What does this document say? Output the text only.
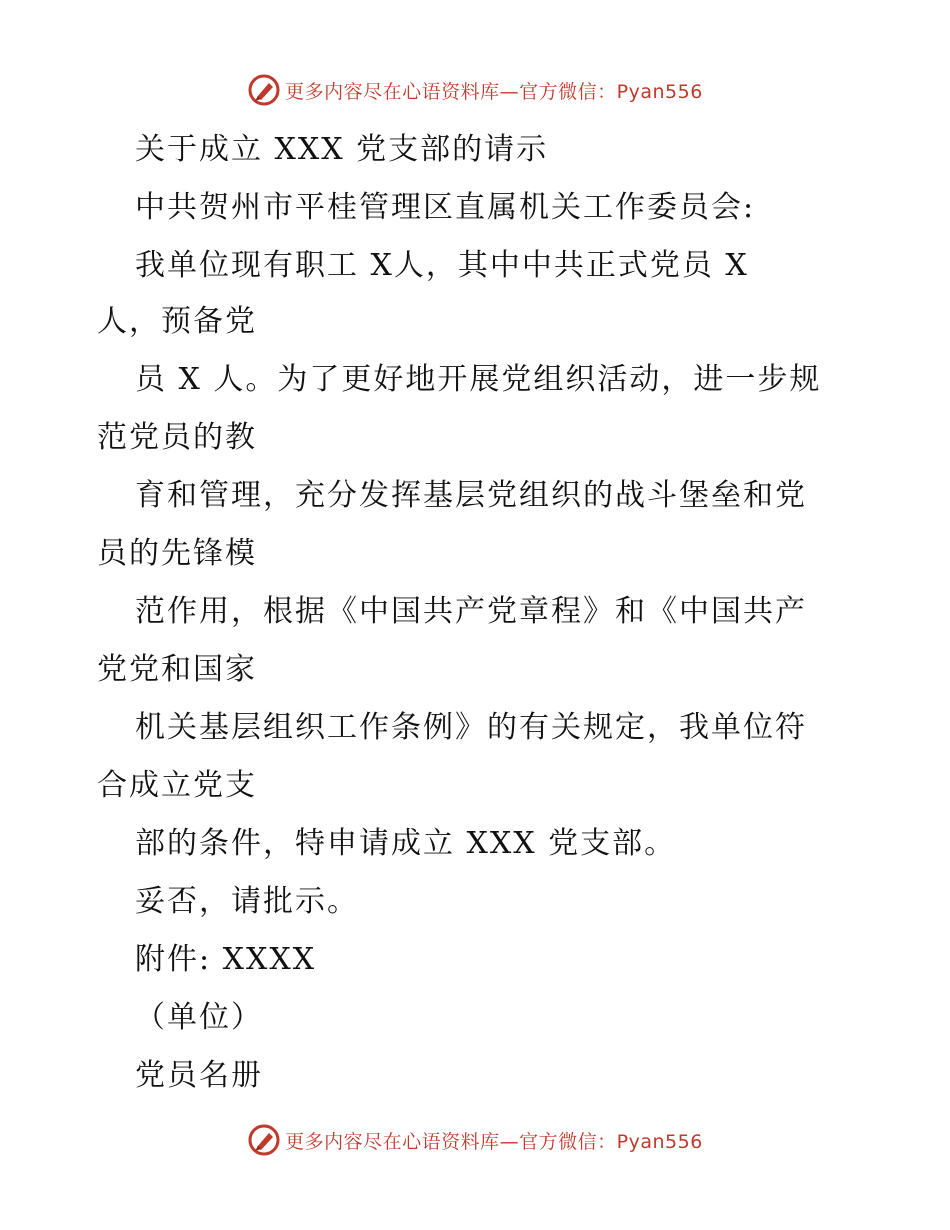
更多内容尽在心语资料库—官方微信：Pyan556
关于成立 XXX 党支部的请示
中共贺州市平桂管理区直属机关工作委员会:
我单位现有职工 X人，其中中共正式党员 X
人，预备党
员 X 人。为了更好地开展党组织活动，进一步规
范党员的教
育和管理，充分发挥基层党组织的战斗堡垒和党
员的先锋模
范作用，根据《中国共产党章程》和《中国共产
党党和国家
机关基层组织工作条例》的有关规定，我单位符
合成立党支
部的条件，特申请成立 XXX 党支部。
妥否，请批示。
附件: XXXX
（单位）
党员名册
更多内容尽在心语资料库—官方微信：Pyan556
